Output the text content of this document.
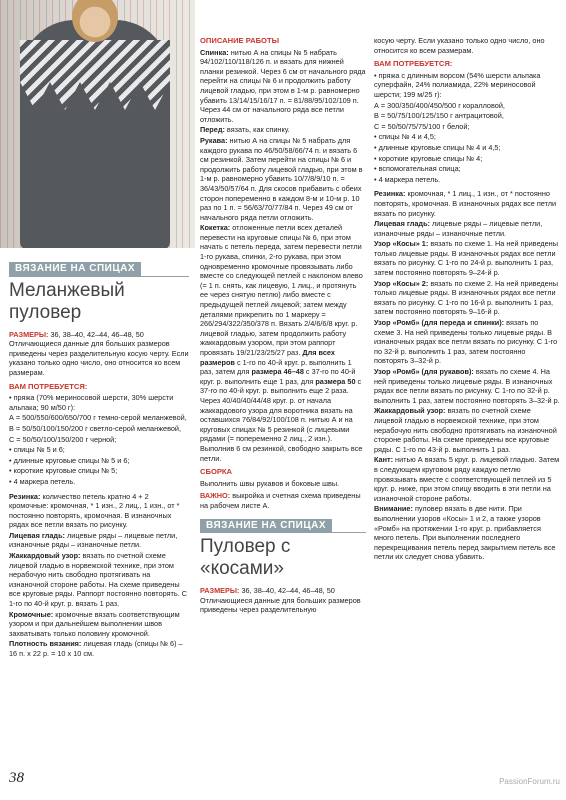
ВЯЗАНИЕ НА СПИЦАХ
Меланжевый пуловер

РАЗМЕРЫ: 36, 38–40, 42–44, 46–48, 50 Отличающиеся данные для больших размеров приведены через разделительную косую черту. Если указано только одно число, оно относится ко всем размерам.

ВАМ ПОТРЕБУЕТСЯ:

• пряжа (70% мериносовой шерсти, 30% шерсти альпака; 90 м/50 г):

А = 500/550/600/650/700 г темно-серой меланжевой,

В = 50/50/100/150/200 г светло-серой меланжевой,

С = 50/50/100/150/200 г черной;

• спицы № 5 и 6;

• длинные круговые спицы № 5 и 6;

• короткие круговые спицы № 5;

• 4 маркера петель.

Резинка: количество петель кратно 4 + 2 кромочные: кромочная, * 1 изн., 2 лиц., 1 изн., от * постоянно повторять, кромочная. В изнаночных рядах все петли вязать по рисунку.

Лицевая гладь: лицевые ряды – лицевые петли, изнаночные ряды – изнаночные петли.

Жаккардовый узор: вязать по счетной схеме лицевой гладью в норвежской технике, при этом нерабочую нить свободно протягивать на изнаночной стороне работы. На схеме приведены все круговые ряды. Раппорт постоянно повторять. С 1-го по 40-й круг. р. вязать 1 раз.

Кромочные: кромочные вязать соответствующим узором и при дальнейшем выполнении швов захватывать только половину кромочной.

Плотность вязания: лицевая гладь (спицы № 6) – 16 п. х 22 р. = 10 х 10 см.

ОПИСАНИЕ РАБОТЫ

Спинка: нитью А на спицы № 5 набрать 94/102/110/118/126 п. и вязать для нижней планки резинкой. Через 6 см от начального ряда перейти на спицы № 6 и продолжить работу лицевой гладью, при этом в 1-м р. равномерно убавить 13/14/15/16/17 п. = 81/88/95/102/109 п. Через 44 см от начального ряда все петли отложить.

Перед: вязать, как спинку.

Рукава: нитью А на спицы № 5 набрать для каждого рукава по 46/50/58/66/74 п. и вязать 6 см резинкой. Затем перейти на спицы № 6 и продолжить работу лицевой гладью, при этом в 1-м р. равномерно убавить 10/7/8/9/10 п. = 36/43/50/57/64 п. Для скосов прибавить с обеих сторон попеременно в каждом 8-м и 10-м р. 10 раз по 1 п. = 56/63/70/77/84 п. Через 49 см от начального ряда петли отложить.

Кокетка: отложенные петли всех деталей перевести на круговые спицы № 6, при этом начать с петель переда, затем перевести петли 1-го рукава, спинки, 2-го рукава, при этом одновременно кромочные провязывать либо вместе со следующей петлей с наклоном влево (= 1 п. снять, как лицевую, 1 лиц., и протянуть ее через снятую петлю) либо вместе с предыдущей петлей лицевой; затем между деталями прикрепить по 1 маркеру = 266/294/322/350/378 п. Вязать 2/4/6/6/8 круг. р. лицевой гладью, затем продолжить работу жаккардовым узором, при этом раппорт провязать 19/21/23/25/27 раз. Для всех размеров с 1-го по 40-й круг. р. выполнить 1 раз, затем для размера 46–48 с 37-го по 40-й круг. р. выполнить еще 1 раз, для размера 50 с 37-го по 40-й круг. р. выполнить еще 2 раза. Через 40/40/40/44/48 круг. р. от начала жаккардового узора для воротника вязать на оставшихся 76/84/92/100/108 п. нитью А и на круговых спицах № 5 резинкой (с лицевыми рядами (= попеременно 2 лиц., 2 изн.). Выполнив 6 см резинкой, свободно закрыть все петли.

СБОРКА

Выполнить швы рукавов и боковые швы.

ВАЖНО: выкройка и счетная схема приведены на рабочем листе А.

ВЯЗАНИЕ НА СПИЦАХ
Пуловер с «косами»

РАЗМЕРЫ: 36, 38–40, 42–44, 46–48, 50 Отличающиеся данные для больших размеров приведены через разделительную

косую черту. Если указано только одно число, оно относится ко всем размерам.

ВАМ ПОТРЕБУЕТСЯ:

• пряжа с длинным ворсом (54% шерсти альпака суперфайн, 24% полиамида, 22% мериносовой шерсти; 199 м/25 г):

А = 300/350/400/450/500 г коралловой,

В = 50/75/100/125/150 г антрацитовой,

С = 50/50/75/75/100 г белой;

• спицы № 4 и 4,5;

• длинные круговые спицы № 4 и 4,5;

• короткие круговые спицы № 4;

• вспомогательная спица;

• 4 маркера петель.

Резинка: кромочная, * 1 лиц., 1 изн., от * постоянно повторять, кромочная. В изнаночных рядах все петли вязать по рисунку.

Лицевая гладь: лицевые ряды – лицевые петли, изнаночные ряды – изнаночные петли.

Узор «Косы» 1: вязать по схеме 1. На ней приведены только лицевые ряды. В изнаночных рядах все петли вязать по рисунку. С 1-го по 24-й р. выполнить 1 раз, затем постоянно повторять 9–24-й р.

Узор «Косы» 2: вязать по схеме 2. На ней приведены только лицевые ряды. В изнаночных рядах все петли вязать по рисунку. С 1-го по 16-й р. выполнить 1 раз, затем постоянно повторять 9–16-й р.

Узор «Ромб» (для переда и спинки): вязать по схеме 3. На ней приведены только лицевые ряды. В изнаночных рядах все петли вязать по рисунку. С 1-го по 32-й р. выполнить 1 раз, затем постоянно повторять 3–32-й р.

Узор «Ромб» (для рукавов): вязать по схеме 4. На ней приведены только лицевые ряды. В изнаночных рядах все петли вязать по рисунку. С 1-го по 32-й р. выполнить 1 раз, затем постоянно повторять 3–32-й р.

Жаккардовый узор: вязать по счетной схеме лицевой гладью в норвежской технике, при этом нерабочую нить свободно протягивать на изнаночной стороне работы. На схеме приведены все круговые ряды. С 1-го по 43-й р. выполнить 1 раз.

Кант: нитью А вязать 5 круг. р. лицевой гладью. Затем в следующем круговом ряду каждую петлю провязывать вместе с соответствующей петлей из 5 круг. р. ниже, при этом спицу вводить в эти петли на изнаночной стороне работы.

Внимание: пуловер вязать в две нити. При выполнении узоров «Косы» 1 и 2, а также узоров «Ромб» на протяжении 1-го круг. р. прибавляется много петель. При выполнении последнего перекрещивания петель перед закрытием петель все петли их следует снова убавить.

38	PassionForum.ru
